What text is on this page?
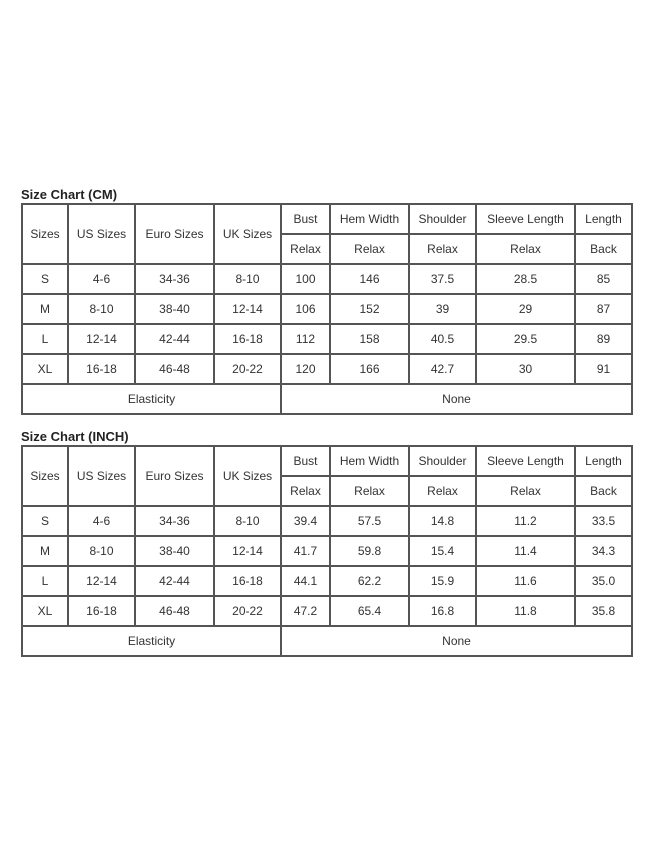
Size Chart (CM)
Sizes	US Sizes	Euro Sizes	UK Sizes	Bust	Hem Width	Shoulder	Sleeve Length	Length
				Relax	Relax	Relax	Relax	Back
S	4-6	34-36	8-10	100	146	37.5	28.5	85
M	8-10	38-40	12-14	106	152	39	29	87
L	12-14	42-44	16-18	112	158	40.5	29.5	89
XL	16-18	46-48	20-22	120	166	42.7	30	91
Elasticity				None				
Size Chart (INCH)
Sizes	US Sizes	Euro Sizes	UK Sizes	Bust	Hem Width	Shoulder	Sleeve Length	Length
				Relax	Relax	Relax	Relax	Back
S	4-6	34-36	8-10	39.4	57.5	14.8	11.2	33.5
M	8-10	38-40	12-14	41.7	59.8	15.4	11.4	34.3
L	12-14	42-44	16-18	44.1	62.2	15.9	11.6	35.0
XL	16-18	46-48	20-22	47.2	65.4	16.8	11.8	35.8
Elasticity				None				
